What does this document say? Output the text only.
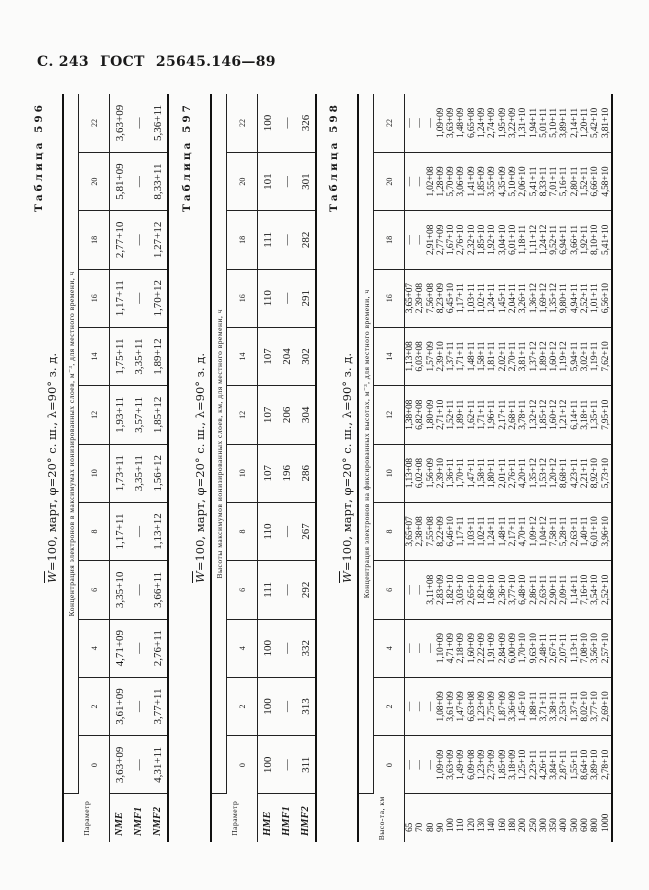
С. 243 ГОСТ 25645.146—89
Таблица 596
$\overline{W}=100$, март, φ=20° с. ш., λ=90° з. д.
Параметр	Концентрация электронов в максимумах ионизированных слоев, м⁻³, для местного времени, ч											
	0	2	4	6	8	10	12	14	16	18	20	22
NME	3,63+09	3,61+09	4,71+09	3,35+10	1,17+11	1,73+11	1,93+11	1,75+11	1,17+11	2,77+10	5,81+09	3,63+09
NMF1	—	—	—	—	—	3,35+11	3,57+11	3,35+11	—	—	—	—
NMF2	4,31+11	3,77+11	2,76+11	3,66+11	1,13+12	1,56+12	1,85+12	1,89+12	1,70+12	1,27+12	8,33+11	5,36+11 Таблица 597
$\overline{W}=100$, март, φ=20° с. ш., λ=90° з. д.
Параметр	Высоты максимумов ионизированных слоев, км, для местного времени, ч											
	0	2	4	6	8	10	12	14	16	18	20	22
HME	100	100	100	111	110	107	107	107	110	111	101	100
HMF1	—	—	—	—	—	196	206	204	—	—	—	—
HMF2	311	313	332	292	267	286	304	302	291	282	301	326 Таблица 598
$\overline{W}=100$, март, φ=20° с. ш., λ=90° з. д.
Высо-та, км	Концентрация электронов на фиксированных высотах, м⁻³, для местного времени, ч											
	0	2	4	6	8	10	12	14	16	18	20	22
65	—	—	—	—	3,65+07	1,13+08	1,38+08	1,13+08	3,65+07	—	—	—
70	—	—	—	—	2,38+08	6,02+08	6,82+08	6,03+08	2,39+08	—	—	—
80	—	—	—	3,11+08	7,55+08	1,56+09	1,80+09	1,57+09	7,56+08	2,91+08	1,02+08	—
90	1,09+09	1,08+09	1,10+09	2,83+09	8,22+09	2,39+10	2,71+10	2,39+10	8,23+09	2,77+09	1,28+09	1,09+09
100	3,63+09	3,61+09	4,71+09	1,82+10	6,46+10	1,36+11	1,52+11	1,37+11	6,45+10	1,67+10	5,70+09	3,63+09
110	1,49+09	1,47+09	2,18+09	3,03+10	1,17+11	1,70+11	1,89+11	1,71+11	1,17+11	2,76+10	3,06+09	1,48+09
120	6,09+08	6,63+08	1,60+09	2,65+10	1,03+11	1,47+11	1,62+11	1,48+11	1,03+11	2,32+10	1,41+09	6,65+08
130	1,23+09	1,23+09	2,22+09	1,82+10	1,02+11	1,58+11	1,71+11	1,58+11	1,02+11	1,85+10	1,85+09	1,24+09
140	2,73+09	2,75+09	1,91+09	1,68+10	1,24+11	1,80+11	1,96+11	1,81+11	1,24+11	1,92+10	3,55+09	2,74+09
160	1,85+09	1,87+09	2,84+09	2,36+10	1,48+11	2,01+11	2,17+11	2,02+11	1,45+11	3,04+10	4,35+09	1,95+09
180	3,18+09	3,36+09	6,00+09	3,77+10	2,17+11	2,76+11	2,68+11	2,70+11	2,04+11	6,01+10	5,10+09	3,22+09
200	1,25+10	1,45+10	1,70+10	6,48+10	4,70+11	4,20+11	3,78+11	3,81+11	3,26+11	1,18+11	2,06+10	1,31+10
250	2,23+11	1,88+11	9,63+10	2,86+11	1,09+12	1,35+12	1,32+12	1,37+12	1,36+12	1,11+12	5,41+11	1,94+11
300	4,26+11	3,71+11	2,48+11	2,63+11	1,04+12	1,53+12	1,85+12	1,89+12	1,69+12	1,24+12	8,33+11	5,01+11
350	3,84+11	3,38+11	2,67+11	2,90+11	7,58+11	1,20+12	1,60+12	1,60+12	1,35+12	9,52+11	7,01+11	5,10+11
400	2,87+11	2,53+11	2,07+11	2,09+11	5,28+11	8,68+11	1,21+12	1,19+12	9,80+11	6,94+11	5,16+11	3,89+11
500	1,55+11	1,37+11	1,13+11	1,14+11	2,63+11	4,23+11	6,14+11	5,94+11	4,94+11	3,66+11	2,80+11	2,14+11
600	8,64+10	8,02+10	7,08+10	7,16+10	1,40+11	2,21+11	3,18+11	3,02+11	2,52+11	1,92+11	1,52+11	1,20+11
800	3,89+10	3,77+10	3,56+10	3,54+10	6,01+10	8,92+10	1,35+11	1,19+11	1,01+11	8,10+10	6,66+10	5,42+10
1000	2,78+10	2,69+10	2,57+10	2,52+10	3,96+10	5,73+10	7,95+10	7,62+10	6,56+10	5,41+10	4,58+10	3,81+10
